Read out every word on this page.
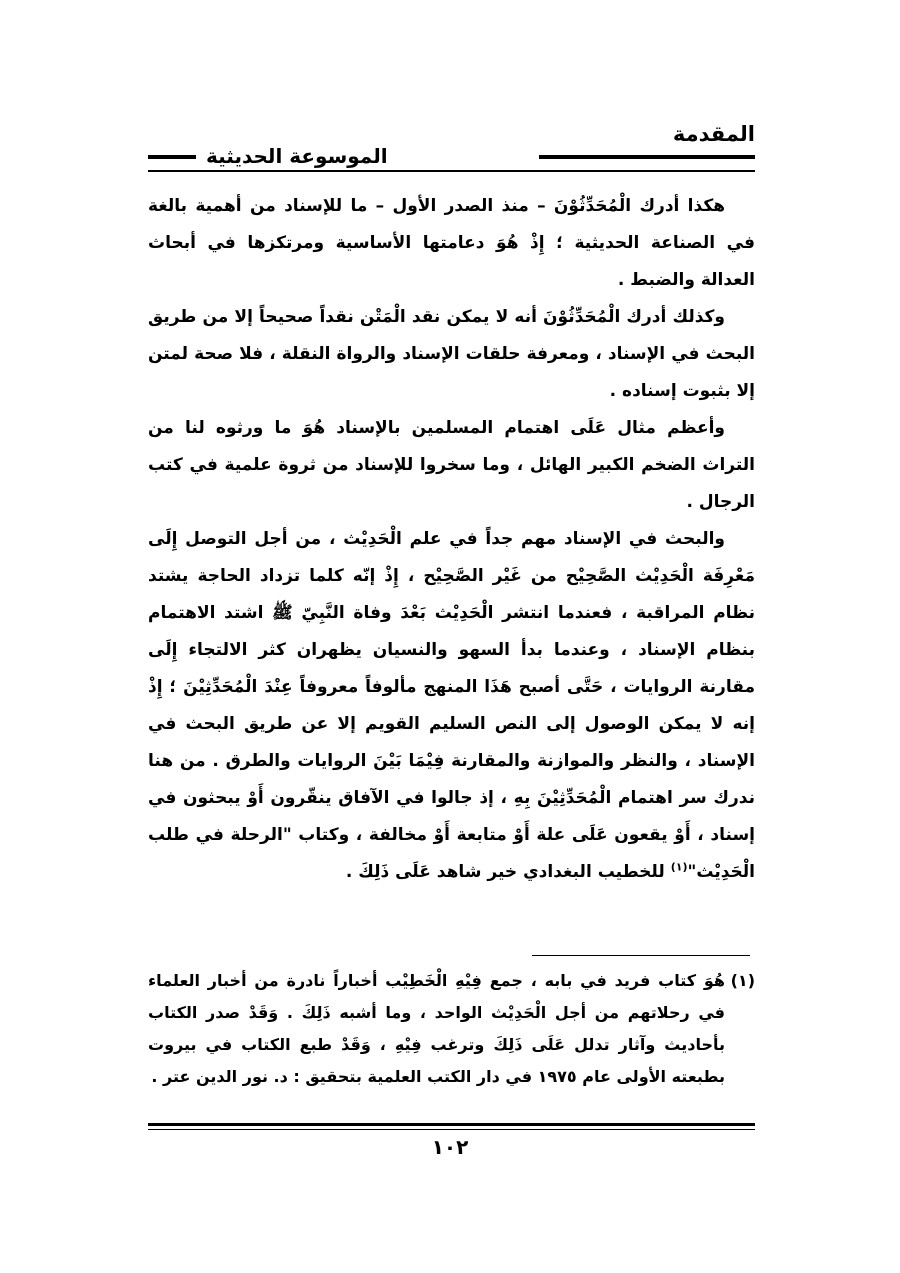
المقدمة
الموسوعة الحديثية

هكذا أدرك الْمُحَدِّثُوْنَ – منذ الصدر الأول – ما للإسناد من أهمية بالغة في الصناعة الحديثية ؛ إِذْ هُوَ دعامتها الأساسية ومرتكزها في أبحاث العدالة والضبط .

وكذلك أدرك الْمُحَدِّثُوْنَ أنه لا يمكن نقد الْمَتْن نقداً صحيحاً إلا من طريق البحث في الإسناد ، ومعرفة حلقات الإسناد والرواة النقلة ، فلا صحة لمتن إلا بثبوت إسناده .

وأعظم مثال عَلَى اهتمام المسلمين بالإسناد هُوَ ما ورثوه لنا من التراث الضخم الكبير الهائل ، وما سخروا للإسناد من ثروة علمية في كتب الرجال .

والبحث في الإسناد مهم جداً في علم الْحَدِيْث ، من أجل التوصل إِلَى مَعْرِفَة الْحَدِيْث الصَّحِيْح من غَيْر الصَّحِيْح ، إِذْ إنّه كلما تزداد الحاجة يشتد نظام المراقبة ، فعندما انتشر الْحَدِيْث بَعْدَ وفاة النَّبِيّ ﷺ اشتد الاهتمام بنظام الإسناد ، وعندما بدأ السهو والنسيان يظهران كثر الالتجاء إِلَى مقارنة الروايات ، حَتَّى أصبح هَذَا المنهج مألوفاً معروفاً عِنْدَ الْمُحَدِّثِيْنَ ؛ إِذْ إنه لا يمكن الوصول إلى النص السليم القويم إلا عن طريق البحث في الإسناد ، والنظر والموازنة والمقارنة فِيْمَا بَيْنَ الروايات والطرق . من هنا ندرك سر اهتمام الْمُحَدِّثِيْنَ بِهِ ، إذ جالوا في الآفاق ينقّرون أَوْ يبحثون في إسناد ، أَوْ يقعون عَلَى علة أَوْ متابعة أَوْ مخالفة ، وكتاب "الرحلة في طلب الْحَدِيْث"$^{(١)}$ للخطيب البغدادي خير شاهد عَلَى ذَلِكَ .

(١)
هُوَ كتاب فريد في بابه ، جمع فِيْهِ الْخَطِيْب أخباراً نادرة من أخبار العلماء في رحلاتهم من أجل الْحَدِيْث الواحد ، وما أشبه ذَلِكَ . وَقَدْ صدر الكتاب بأحاديث وآثار تدلل عَلَى ذَلِكَ وترغب فِيْهِ ، وَقَدْ طبع الكتاب في بيروت بطبعته الأولى عام ١٩٧٥ في دار الكتب العلمية بتحقيق : د. نور الدين عتر .
١٠٢
